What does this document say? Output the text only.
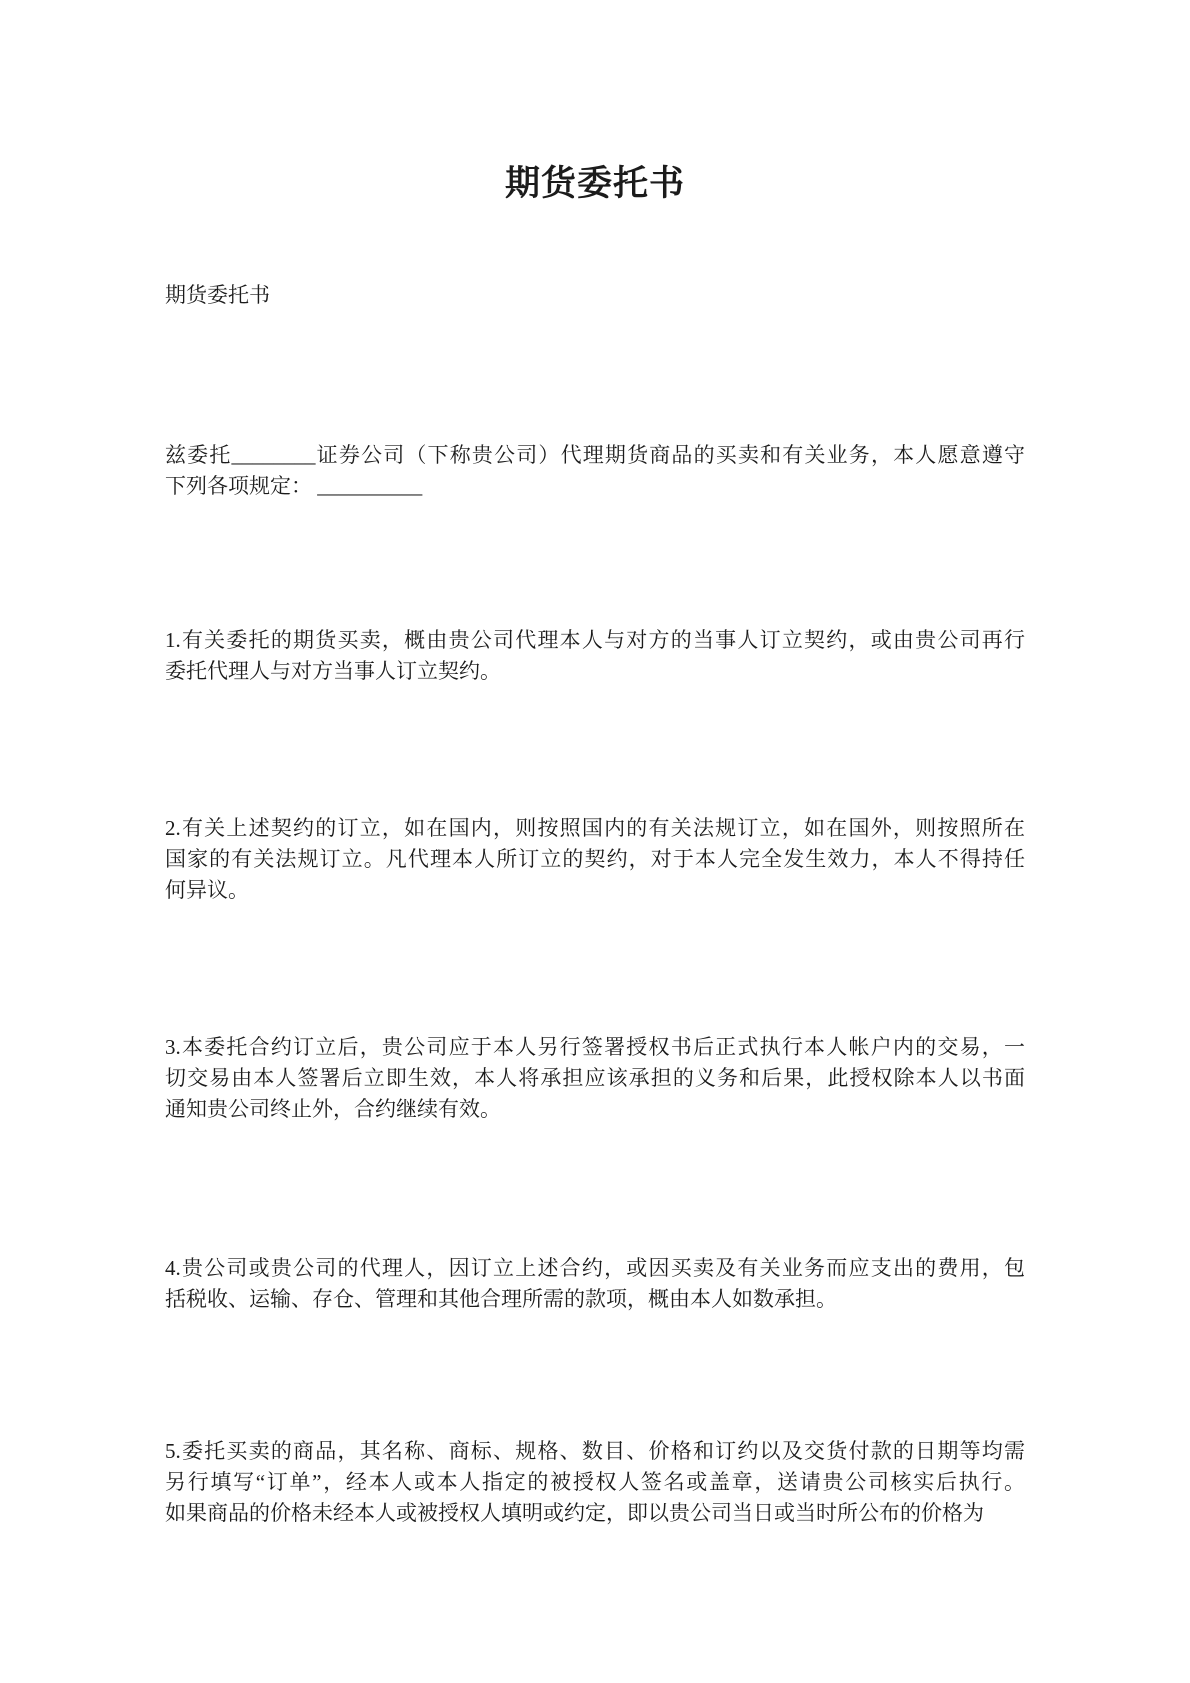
期货委托书

期货委托书

兹委托________证券公司（下称贵公司）代理期货商品的买卖和有关业务，本人愿意遵守
下列各项规定： __________
1.有关委托的期货买卖，概由贵公司代理本人与对方的当事人订立契约，或由贵公司再行
委托代理人与对方当事人订立契约。
2.有关上述契约的订立，如在国内，则按照国内的有关法规订立，如在国外，则按照所在
国家的有关法规订立。凡代理本人所订立的契约，对于本人完全发生效力，本人不得持任
何异议。
3.本委托合约订立后，贵公司应于本人另行签署授权书后正式执行本人帐户内的交易，一
切交易由本人签署后立即生效，本人将承担应该承担的义务和后果，此授权除本人以书面
通知贵公司终止外，合约继续有效。
4.贵公司或贵公司的代理人，因订立上述合约，或因买卖及有关业务而应支出的费用，包
括税收、运输、存仓、管理和其他合理所需的款项，概由本人如数承担。
5.委托买卖的商品，其名称、商标、规格、数目、价格和订约以及交货付款的日期等均需
另行填写“订单”，经本人或本人指定的被授权人签名或盖章，送请贵公司核实后执行。
如果商品的价格未经本人或被授权人填明或约定，即以贵公司当日或当时所公布的价格为
